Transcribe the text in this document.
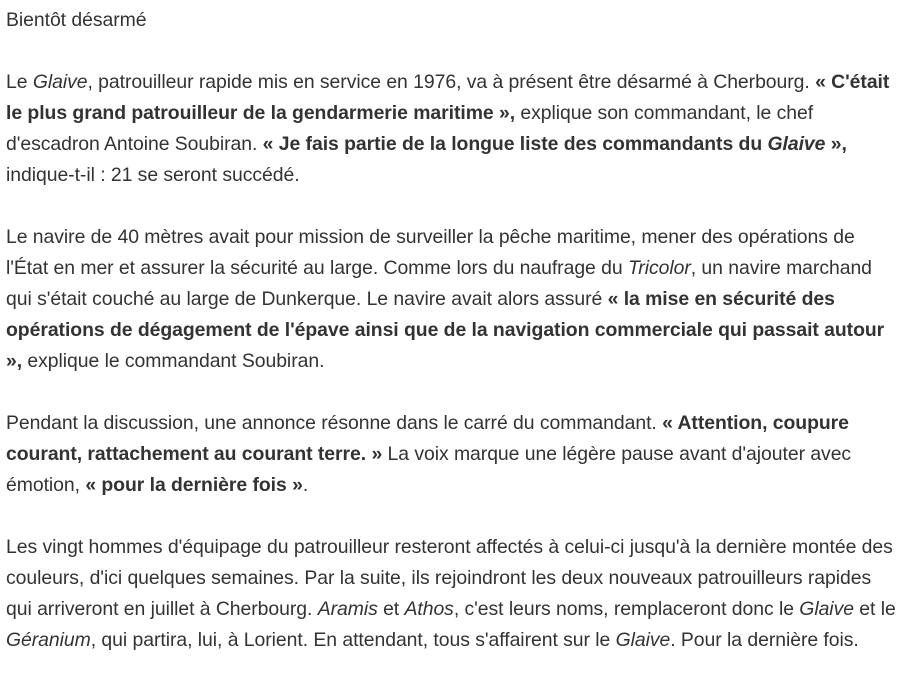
Bientôt désarmé

Le Glaive, patrouilleur rapide mis en service en 1976, va à présent être désarmé à Cherbourg. « C'était le plus grand patrouilleur de la gendarmerie maritime », explique son commandant, le chef d'escadron Antoine Soubiran. « Je fais partie de la longue liste des commandants du Glaive », indique-t-il : 21 se seront succédé.

Le navire de 40 mètres avait pour mission de surveiller la pêche maritime, mener des opérations de l'État en mer et assurer la sécurité au large. Comme lors du naufrage du Tricolor, un navire marchand qui s'était couché au large de Dunkerque. Le navire avait alors assuré « la mise en sécurité des opérations de dégagement de l'épave ainsi que de la navigation commerciale qui passait autour », explique le commandant Soubiran.

Pendant la discussion, une annonce résonne dans le carré du commandant. « Attention, coupure courant, rattachement au courant terre. » La voix marque une légère pause avant d'ajouter avec émotion, « pour la dernière fois ».

Les vingt hommes d'équipage du patrouilleur resteront affectés à celui-ci jusqu'à la dernière montée des couleurs, d'ici quelques semaines. Par la suite, ils rejoindront les deux nouveaux patrouilleurs rapides qui arriveront en juillet à Cherbourg. Aramis et Athos, c'est leurs noms, remplaceront donc le Glaive et le Géranium, qui partira, lui, à Lorient. En attendant, tous s'affairent sur le Glaive. Pour la dernière fois.
